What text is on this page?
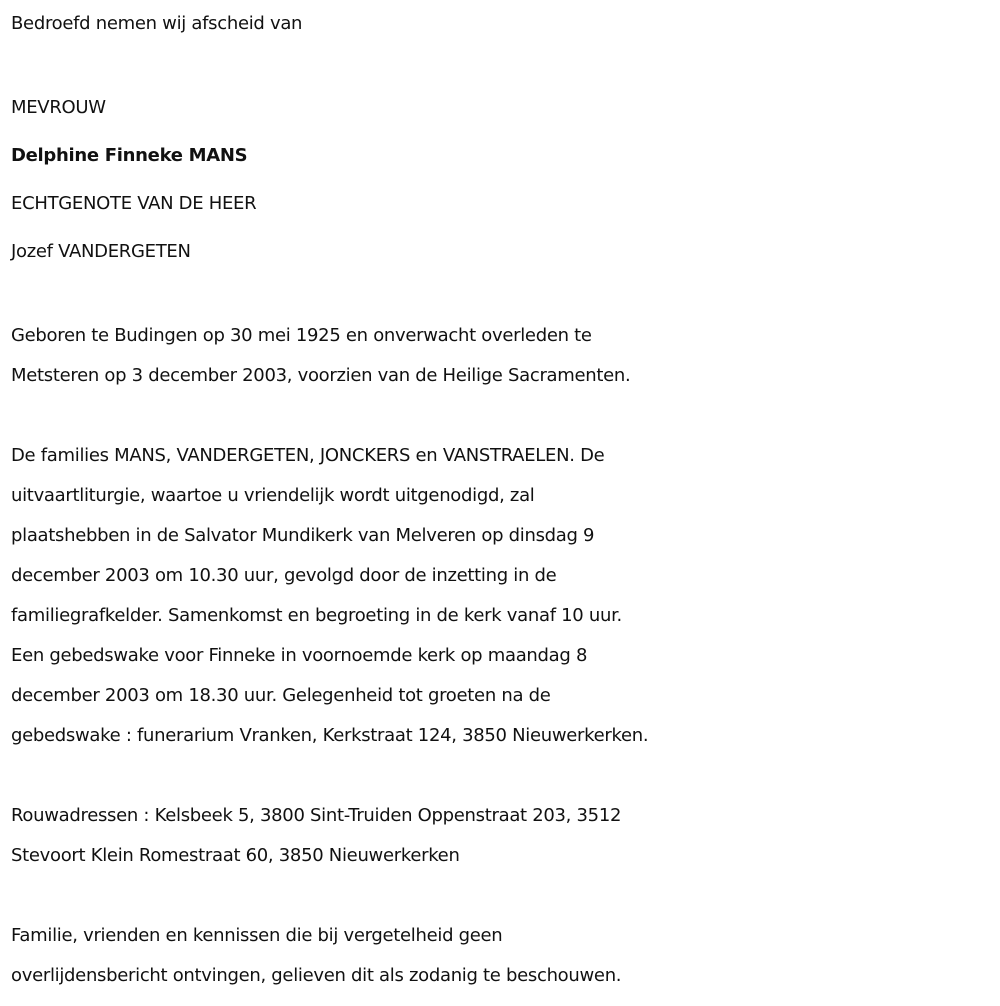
Bedroefd nemen wij afscheid van
MEVROUW
Delphine Finneke MANS
ECHTGENOTE VAN DE HEER
Jozef VANDERGETEN
Geboren te Budingen op 30 mei 1925 en onverwacht overleden te
Metsteren op 3 december 2003, voorzien van de Heilige Sacramenten.
De families MANS, VANDERGETEN, JONCKERS en VANSTRAELEN. De
uitvaartliturgie, waartoe u vriendelijk wordt uitgenodigd, zal
plaatshebben in de Salvator Mundikerk van Melveren op dinsdag 9
december 2003 om 10.30 uur, gevolgd door de inzetting in de
familiegrafkelder. Samenkomst en begroeting in de kerk vanaf 10 uur.
Een gebedswake voor Finneke in voornoemde kerk op maandag 8
december 2003 om 18.30 uur. Gelegenheid tot groeten na de
gebedswake : funerarium Vranken, Kerkstraat 124, 3850 Nieuwerkerken.
Rouwadressen : Kelsbeek 5, 3800 Sint-Truiden Oppenstraat 203, 3512
Stevoort Klein Romestraat 60, 3850 Nieuwerkerken
Familie, vrienden en kennissen die bij vergetelheid geen
overlijdensbericht ontvingen, gelieven dit als zodanig te beschouwen.
